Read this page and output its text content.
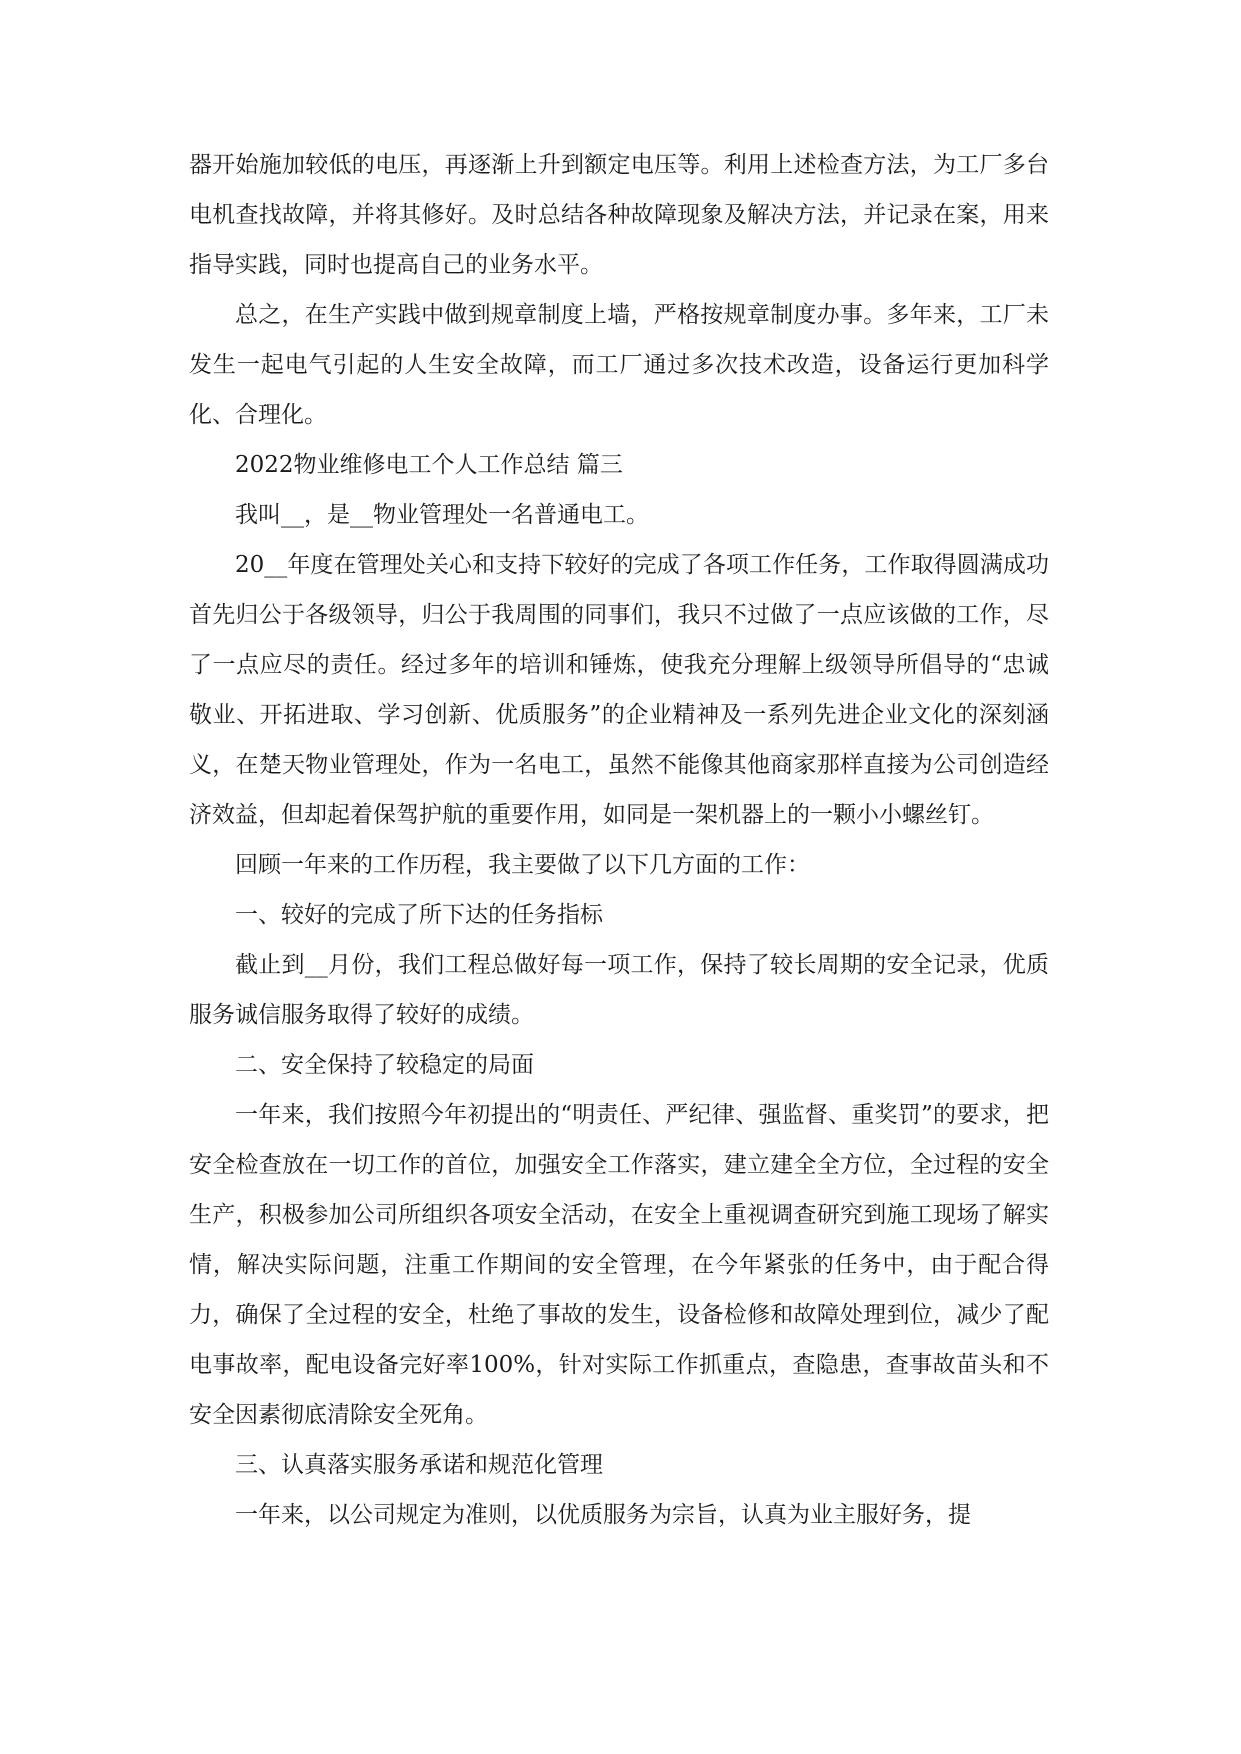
器开始施加较低的电压，再逐渐上升到额定电压等。利用上述检查方法，为工厂多台电机查找故障，并将其修好。及时总结各种故障现象及解决方法，并记录在案，用来指导实践，同时也提高自己的业务水平。

总之，在生产实践中做到规章制度上墙，严格按规章制度办事。多年来，工厂未发生一起电气引起的人生安全故障，而工厂通过多次技术改造，设备运行更加科学化、合理化。

2022物业维修电工个人工作总结 篇三

我叫__，是__物业管理处一名普通电工。

20__年度在管理处关心和支持下较好的完成了各项工作任务，工作取得圆满成功首先归公于各级领导，归公于我周围的同事们，我只不过做了一点应该做的工作，尽了一点应尽的责任。经过多年的培训和锤炼，使我充分理解上级领导所倡导的“忠诚敬业、开拓进取、学习创新、优质服务”的企业精神及一系列先进企业文化的深刻涵义，在楚天物业管理处，作为一名电工，虽然不能像其他商家那样直接为公司创造经济效益，但却起着保驾护航的重要作用，如同是一架机器上的一颗小小螺丝钉。

回顾一年来的工作历程，我主要做了以下几方面的工作：

一、较好的完成了所下达的任务指标

截止到__月份，我们工程总做好每一项工作，保持了较长周期的安全记录，优质服务诚信服务取得了较好的成绩。

二、安全保持了较稳定的局面

一年来，我们按照今年初提出的“明责任、严纪律、强监督、重奖罚”的要求，把安全检查放在一切工作的首位，加强安全工作落实，建立建全全方位，全过程的安全生产，积极参加公司所组织各项安全活动，在安全上重视调查研究到施工现场了解实情，解决实际问题，注重工作期间的安全管理，在今年紧张的任务中，由于配合得力，确保了全过程的安全，杜绝了事故的发生，设备检修和故障处理到位，减少了配电事故率，配电设备完好率100%，针对实际工作抓重点，查隐患，查事故苗头和不安全因素彻底清除安全死角。

三、认真落实服务承诺和规范化管理

一年来，以公司规定为准则，以优质服务为宗旨，认真为业主服好务，提
